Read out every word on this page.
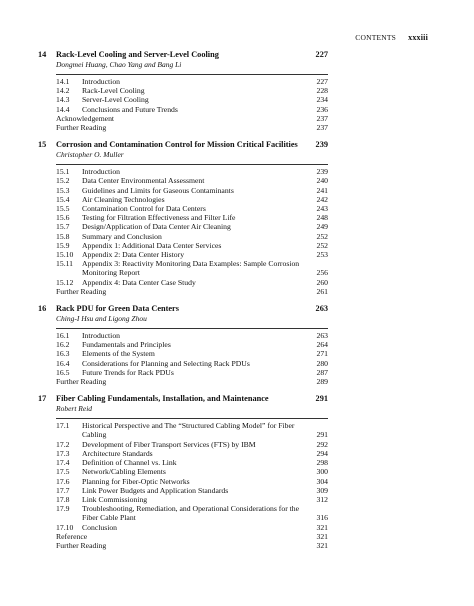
CONTENTS xxxiii
14 Rack-Level Cooling and Server-Level Cooling	227
Dongmei Huang, Chao Yang and Bang Li
14.1 Introduction	227
14.2 Rack-Level Cooling	228
14.3 Server-Level Cooling	234
14.4 Conclusions and Future Trends	236
Acknowledgement	237
Further Reading	237
15 Corrosion and Contamination Control for Mission Critical Facilities	239
Christopher O. Muller
15.1 Introduction	239
15.2 Data Center Environmental Assessment	240
15.3 Guidelines and Limits for Gaseous Contaminants	241
15.4 Air Cleaning Technologies	242
15.5 Contamination Control for Data Centers	243
15.6 Testing for Filtration Effectiveness and Filter Life	248
15.7 Design/Application of Data Center Air Cleaning	249
15.8 Summary and Conclusion	252
15.9 Appendix 1: Additional Data Center Services	252
15.10 Appendix 2: Data Center History	253
15.11 Appendix 3: Reactivity Monitoring Data Examples: Sample Corrosion Monitoring Report	256
15.12 Appendix 4: Data Center Case Study	260
Further Reading	261
16 Rack PDU for Green Data Centers	263
Ching-I Hsu and Ligong Zhou
16.1 Introduction	263
16.2 Fundamentals and Principles	264
16.3 Elements of the System	271
16.4 Considerations for Planning and Selecting Rack PDUs	280
16.5 Future Trends for Rack PDUs	287
Further Reading	289
17 Fiber Cabling Fundamentals, Installation, and Maintenance	291
Robert Reid
17.1 Historical Perspective and The “Structured Cabling Model” for Fiber Cabling	291
17.2 Development of Fiber Transport Services (FTS) by IBM	292
17.3 Architecture Standards	294
17.4 Definition of Channel vs. Link	298
17.5 Network/Cabling Elements	300
17.6 Planning for Fiber-Optic Networks	304
17.7 Link Power Budgets and Application Standards	309
17.8 Link Commissioning	312
17.9 Troubleshooting, Remediation, and Operational Considerations for the Fiber Cable Plant	316
17.10 Conclusion	321
Reference	321
Further Reading	321
